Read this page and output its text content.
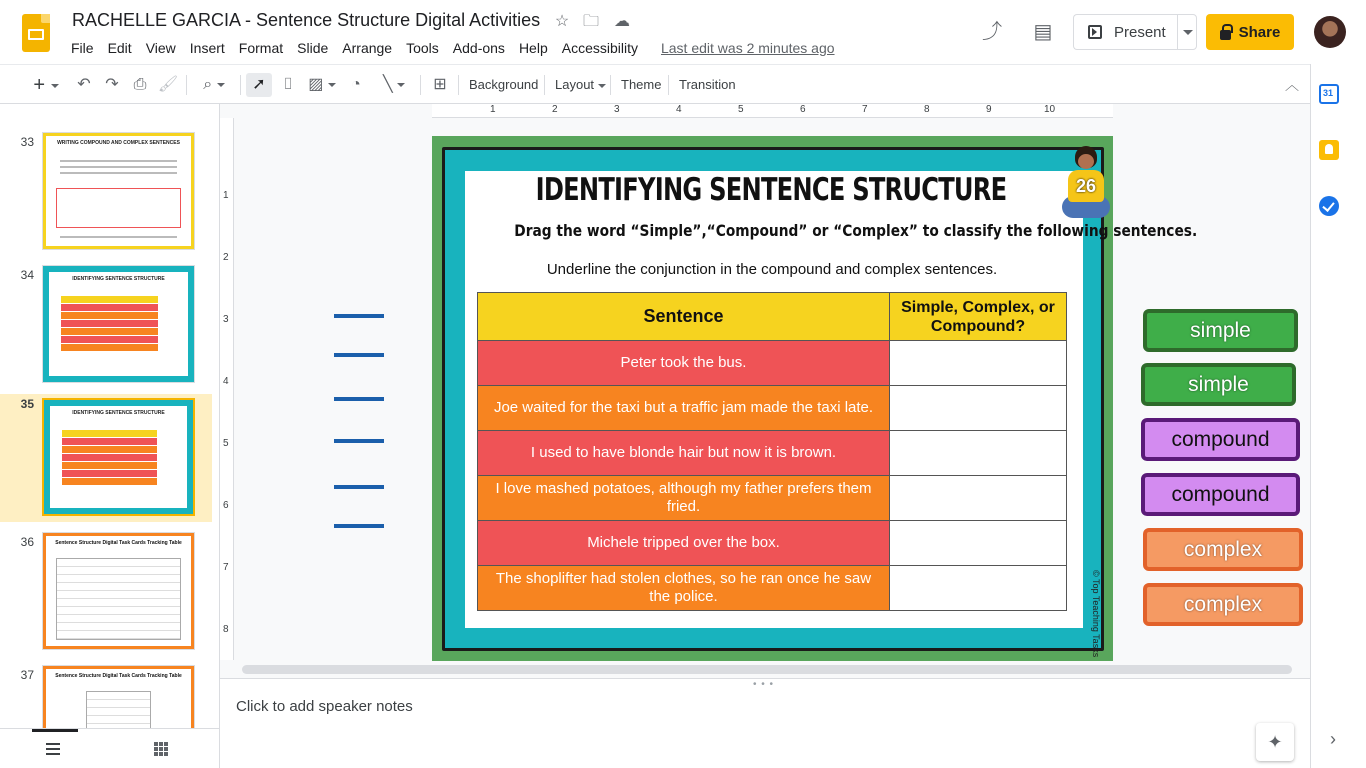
RACHELLE GARCIA - Sentence Structure Digital Activities ☆ 🗀 ☁
File	Edit	View	Insert	Format	Slide	Arrange	Tools	Add-ons	Help	Accessibility	Last edit was 2 minutes ago
⤴ ▤	Present	Share
+	↶ ↷ ⎙ 🖌	⌕	➚	⌷ ▨	◔	╲	⊞	Background Layout	Theme Transition	︿
31
›
33	WRITING COMPOUND AND COMPLEX SENTENCES
34	IDENTIFYING SENTENCE STRUCTURE
35
IDENTIFYING SENTENCE STRUCTURE
36	Sentence Structure Digital Task Cards Tracking Table
37	Sentence Structure Digital Task Cards Tracking Table
1	2	3	4	5	6	7	8	9	10
1
2
3
4
5
6
7
8
IDENTIFYING SENTENCE STRUCTURE
Drag the word “Simple”,“Compound” or “Complex” to classify the following sentences.
Underline the conjunction in the compound and complex sentences.
Sentence	Simple, Complex, or Compound?
Peter took the bus.	
Joe waited for the taxi but a traffic jam made the taxi late.	
I used to have blonde hair but now it is brown.	
I love mashed potatoes, although my father prefers them fried.	
Michele tripped over the box.	
The shoplifter had stolen clothes, so he ran once he saw the police.	
26
© Top Teaching Tasks
simple
simple
compound
compound
complex
complex
• • •
Click to add speaker notes
✦
